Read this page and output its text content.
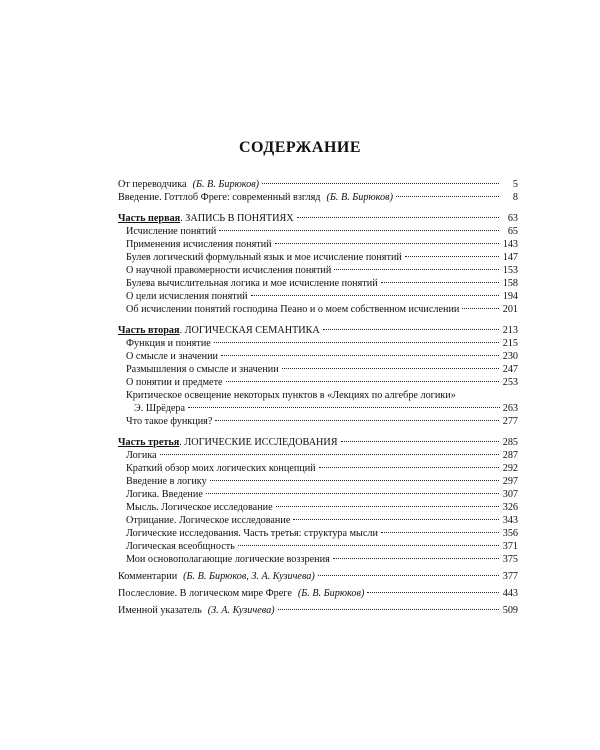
СОДЕРЖАНИЕ
От переводчика (Б. В. Бирюков)	5
Введение. Готтлоб Фреге: современный взгляд (Б. В. Бирюков)	8
Часть первая. ЗАПИСЬ В ПОНЯТИЯХ	63
Исчисление понятий	65
Применения исчисления понятий	143
Булев логический формульный язык и мое исчисление понятий	147
О научной правомерности исчисления понятий	153
Булева вычислительная логика и мое исчисление понятий	158
О цели исчисления понятий	194
Об исчислении понятий господина Пеано и о моем собственном исчислении	201
Часть вторая. ЛОГИЧЕСКАЯ СЕМАНТИКА	213
Функция и понятие	215
О смысле и значении	230
Размышления о смысле и значении	247
О понятии и предмете	253
Критическое освещение некоторых пунктов в «Лекциях по алгебре логики»
Э. Шрёдера	263
Что такое функция?	277
Часть третья. ЛОГИЧЕСКИЕ ИССЛЕДОВАНИЯ	285
Логика	287
Краткий обзор моих логических концепций	292
Введение в логику	297
Логика. Введение	307
Мысль. Логическое исследование	326
Отрицание. Логическое исследование	343
Логические исследования. Часть третья: структура мысли	356
Логическая всеобщность	371
Мои основополагающие логические воззрения	375
Комментарии (Б. В. Бирюков, З. А. Кузичева)	377
Послесловие. В логическом мире Фреге (Б. В. Бирюков)	443
Именной указатель (З. А. Кузичева)	509
